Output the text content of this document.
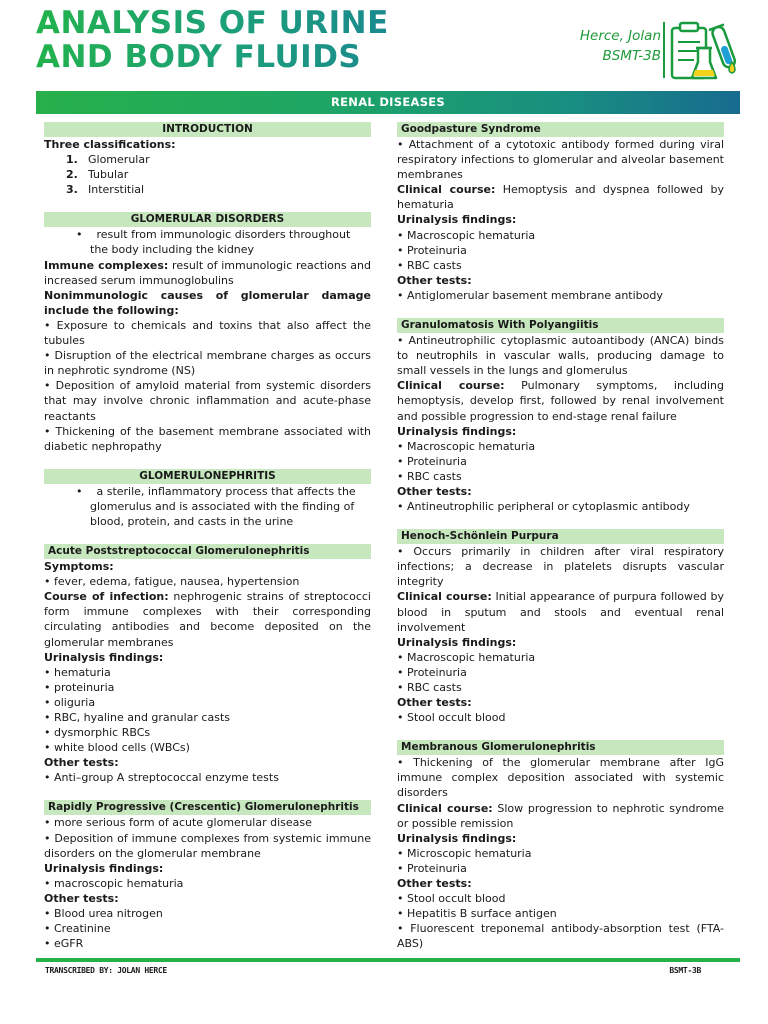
ANALYSIS OF URINE
AND BODY FLUIDS
Herce, Jolan
BSMT-3B
RENAL DISEASES
INTRODUCTION
Three classifications:
1. Glomerular
2. Tubular
3. Interstitial
GLOMERULAR DISORDERS
•    result from immunologic disorders throughout the body including the kidney
Immune complexes: result of immunologic reactions and increased serum immunoglobulins
Nonimmunologic causes of glomerular damage include the following:
• Exposure to chemicals and toxins that also affect the tubules
• Disruption of the electrical membrane charges as occurs in nephrotic syndrome (NS)
• Deposition of amyloid material from systemic disorders that may involve chronic inflammation and acute-phase reactants
• Thickening of the basement membrane associated with diabetic nephropathy
GLOMERULONEPHRITIS
•    a sterile, inflammatory process that affects the glomerulus and is associated with the finding of blood, protein, and casts in the urine
Acute Poststreptococcal Glomerulonephritis
Symptoms:
• fever, edema, fatigue, nausea, hypertension
Course of infection: nephrogenic strains of streptococci form immune complexes with their corresponding circulating antibodies and become deposited on the glomerular membranes
Urinalysis findings:
• hematuria
• proteinuria
• oliguria
• RBC, hyaline and granular casts
• dysmorphic RBCs
• white blood cells (WBCs)
Other tests:
• Anti–group A streptococcal enzyme tests
Rapidly Progressive (Crescentic) Glomerulonephritis
• more serious form of acute glomerular disease
• Deposition of immune complexes from systemic immune disorders on the glomerular membrane
Urinalysis findings:
• macroscopic hematuria
Other tests:
• Blood urea nitrogen
• Creatinine
• eGFR
Goodpasture Syndrome
• Attachment of a cytotoxic antibody formed during viral respiratory infections to glomerular and alveolar basement membranes
Clinical course: Hemoptysis and dyspnea followed by hematuria
Urinalysis findings:
• Macroscopic hematuria
• Proteinuria
• RBC casts
Other tests:
• Antiglomerular basement membrane antibody
Granulomatosis With Polyangiitis
• Antineutrophilic cytoplasmic autoantibody (ANCA) binds to neutrophils in vascular walls, producing damage to small vessels in the lungs and glomerulus
Clinical course: Pulmonary symptoms, including hemoptysis, develop first, followed by renal involvement and possible progression to end-stage renal failure
Urinalysis findings:
• Macroscopic hematuria
• Proteinuria
• RBC casts
Other tests:
• Antineutrophilic peripheral or cytoplasmic antibody
Henoch-Schönlein Purpura
• Occurs primarily in children after viral respiratory infections; a decrease in platelets disrupts vascular integrity
Clinical course: Initial appearance of purpura followed by blood in sputum and stools and eventual renal involvement
Urinalysis findings:
• Macroscopic hematuria
• Proteinuria
• RBC casts
Other tests:
• Stool occult blood
Membranous Glomerulonephritis
• Thickening of the glomerular membrane after IgG immune complex deposition associated with systemic disorders
Clinical course: Slow progression to nephrotic syndrome or possible remission
Urinalysis findings:
• Microscopic hematuria
• Proteinuria
Other tests:
• Stool occult blood
• Hepatitis B surface antigen
• Fluorescent treponemal antibody-absorption test (FTA-ABS)
TRANSCRIBED BY: JOLAN HERCE	BSMT-3B
